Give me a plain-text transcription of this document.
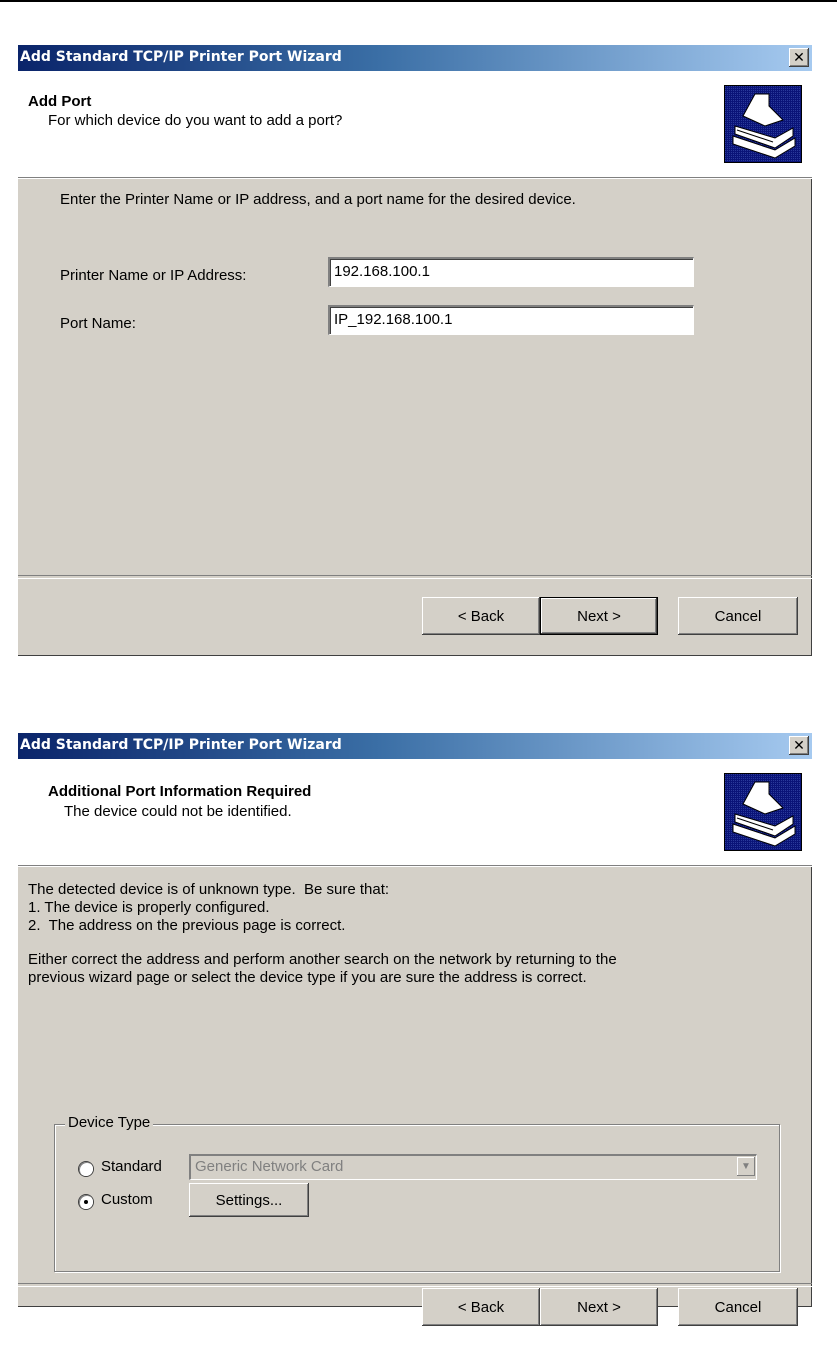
Add Standard TCP/IP Printer Port Wizard	✕
Add Port
For which device do you want to add a port?
Enter the Printer Name or IP address, and a port name for the desired device.
Printer Name or IP Address:	192.168.100.1
Port Name:	IP_192.168.100.1
< Back	Next >	Cancel
Add Standard TCP/IP Printer Port Wizard	✕
Additional Port Information Required
The device could not be identified.
The detected device is of unknown type.  Be sure that:
1. The device is properly configured.
2.  The address on the previous page is correct.
Either correct the address and perform another search on the network by returning to the
previous wizard page or select the device type if you are sure the address is correct.
Device Type
Standard	Generic Network Card	▼
Custom	Settings...
< Back	Next >	Cancel
